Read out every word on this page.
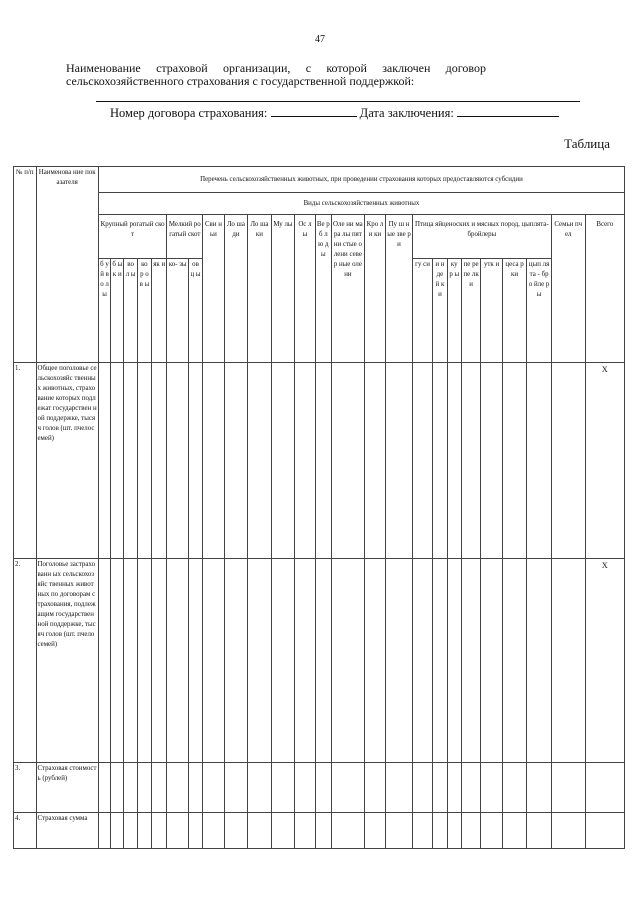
47
Наименование страховой организации, с которой заключен договор сельскохозяйственного страхования с государственной поддержкой:
Номер договора страхования:	Дата заключения:
Таблица
№ п/п	Наименова ние показателя	Перечень сельскохозяйственных животных, при проведении страхования которых предоставляются субсидии																								
		Виды сельскохозяйственных животных																								
		Крупный рогатый скот					Мелкий рогатый скот		Сви ньи	Ло ша ди	Ло ша ки	Му лы	Ос лы	Ве рб л ю д ы	Оле ни мара лы пятни стые олени север ные олени	Кро ли ки	Пу ш ные зве ри	Птица яйценоских и мясных пород, цыплята-бройлеры							Семьи пчел	Всего
		б у й в о л ы	б ы к и	во л ы	ко р ов ы	як и	ко- зы	ов ц ы										гу си	и н де й к и	ку р ы	пе ре пе лк и	утк и	цеса рки	цып лята - бро йле ры		
1.	Общее поголовье сельскохозяйс твенных животных, страхование которых подлежат государствен ной поддержке, тысяч голов (шт. пчелосемей)																									Х
2.	Поголовье застрахованн ых сельскохозяйс твенных животных по договорам страхования, подлежащим государствен ной поддержке, тысяч голов (шт. пчелосемей)																									Х
3.	Страховая стоимость (рублей)																									
4.	Страховая сумма																									
